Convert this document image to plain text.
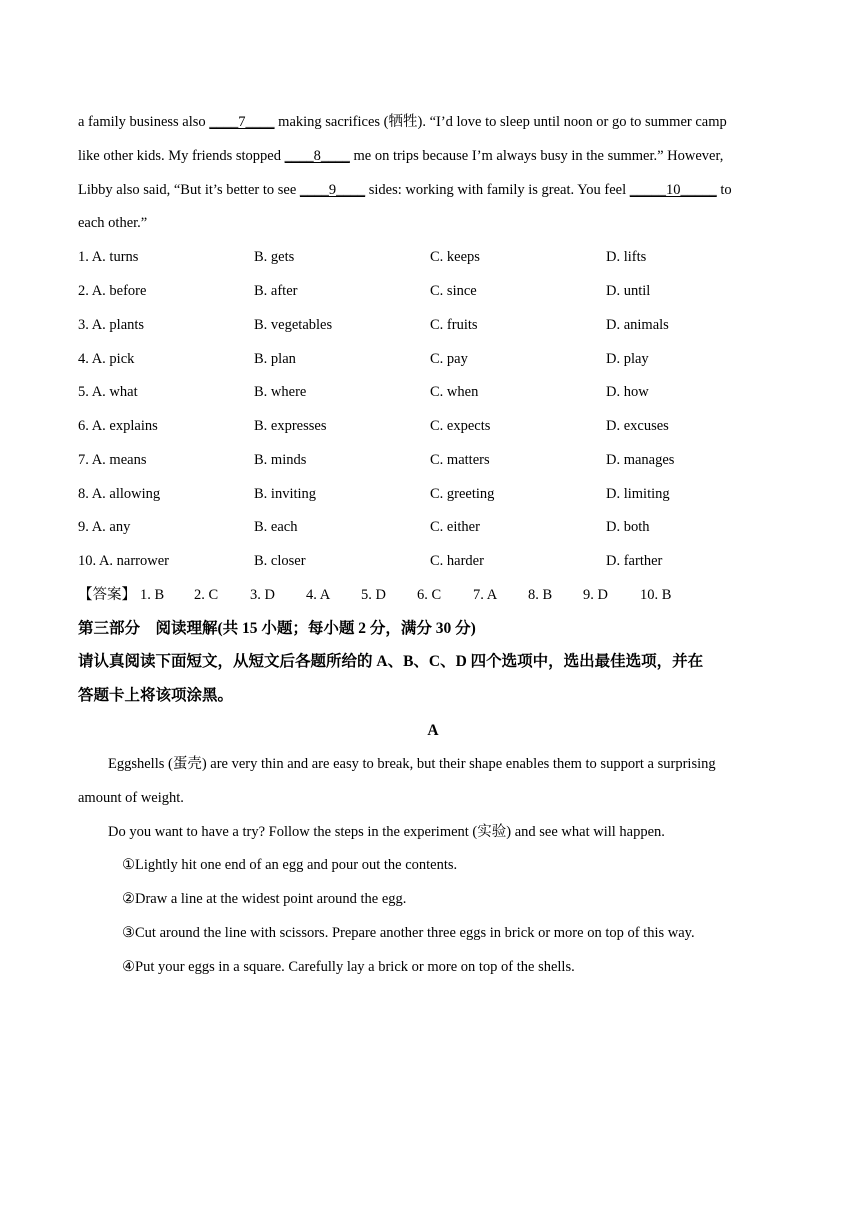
a family business also ____7____ making sacrifices (牺牲). “I’d love to sleep until noon or go to summer camp
like other kids. My friends stopped ____8____ me on trips because I’m always busy in the summer.” However,
Libby also said, “But it’s better to see ____9____ sides: working with family is great. You feel _____10_____ to
each other.”
1. A. turns	B. gets	C. keeps	D. lifts
2. A. before	B. after	C. since	D. until
3. A. plants	B. vegetables	C. fruits	D. animals
4. A. pick	B. plan	C. pay	D. play
5. A. what	B. where	C. when	D. how
6. A. explains	B. expresses	C. expects	D. excuses
7. A. means	B. minds	C. matters	D. manages
8. A. allowing	B. inviting	C. greeting	D. limiting
9. A. any	B. each	C. either	D. both
10. A. narrower	B. closer	C. harder	D. farther
【答案】 1. B 2. C 3. D 4. A 5. D 6. C 7. A 8. B 9. D 10. B
第三部分　阅读理解(共 15 小题；每小题 2 分，满分 30 分)
请认真阅读下面短文，从短文后各题所给的 A、B、C、D 四个选项中，选出最佳选项，并在
答题卡上将该项涂黑。
A
Eggshells (蛋壳) are very thin and are easy to break, but their shape enables them to support a surprising
amount of weight.
Do you want to have a try? Follow the steps in the experiment (实验) and see what will happen.
①Lightly hit one end of an egg and pour out the contents.
②Draw a line at the widest point around the egg.
③Cut around the line with scissors. Prepare another three eggs in brick or more on top of this way.
④Put your eggs in a square. Carefully lay a brick or more on top of the shells.
